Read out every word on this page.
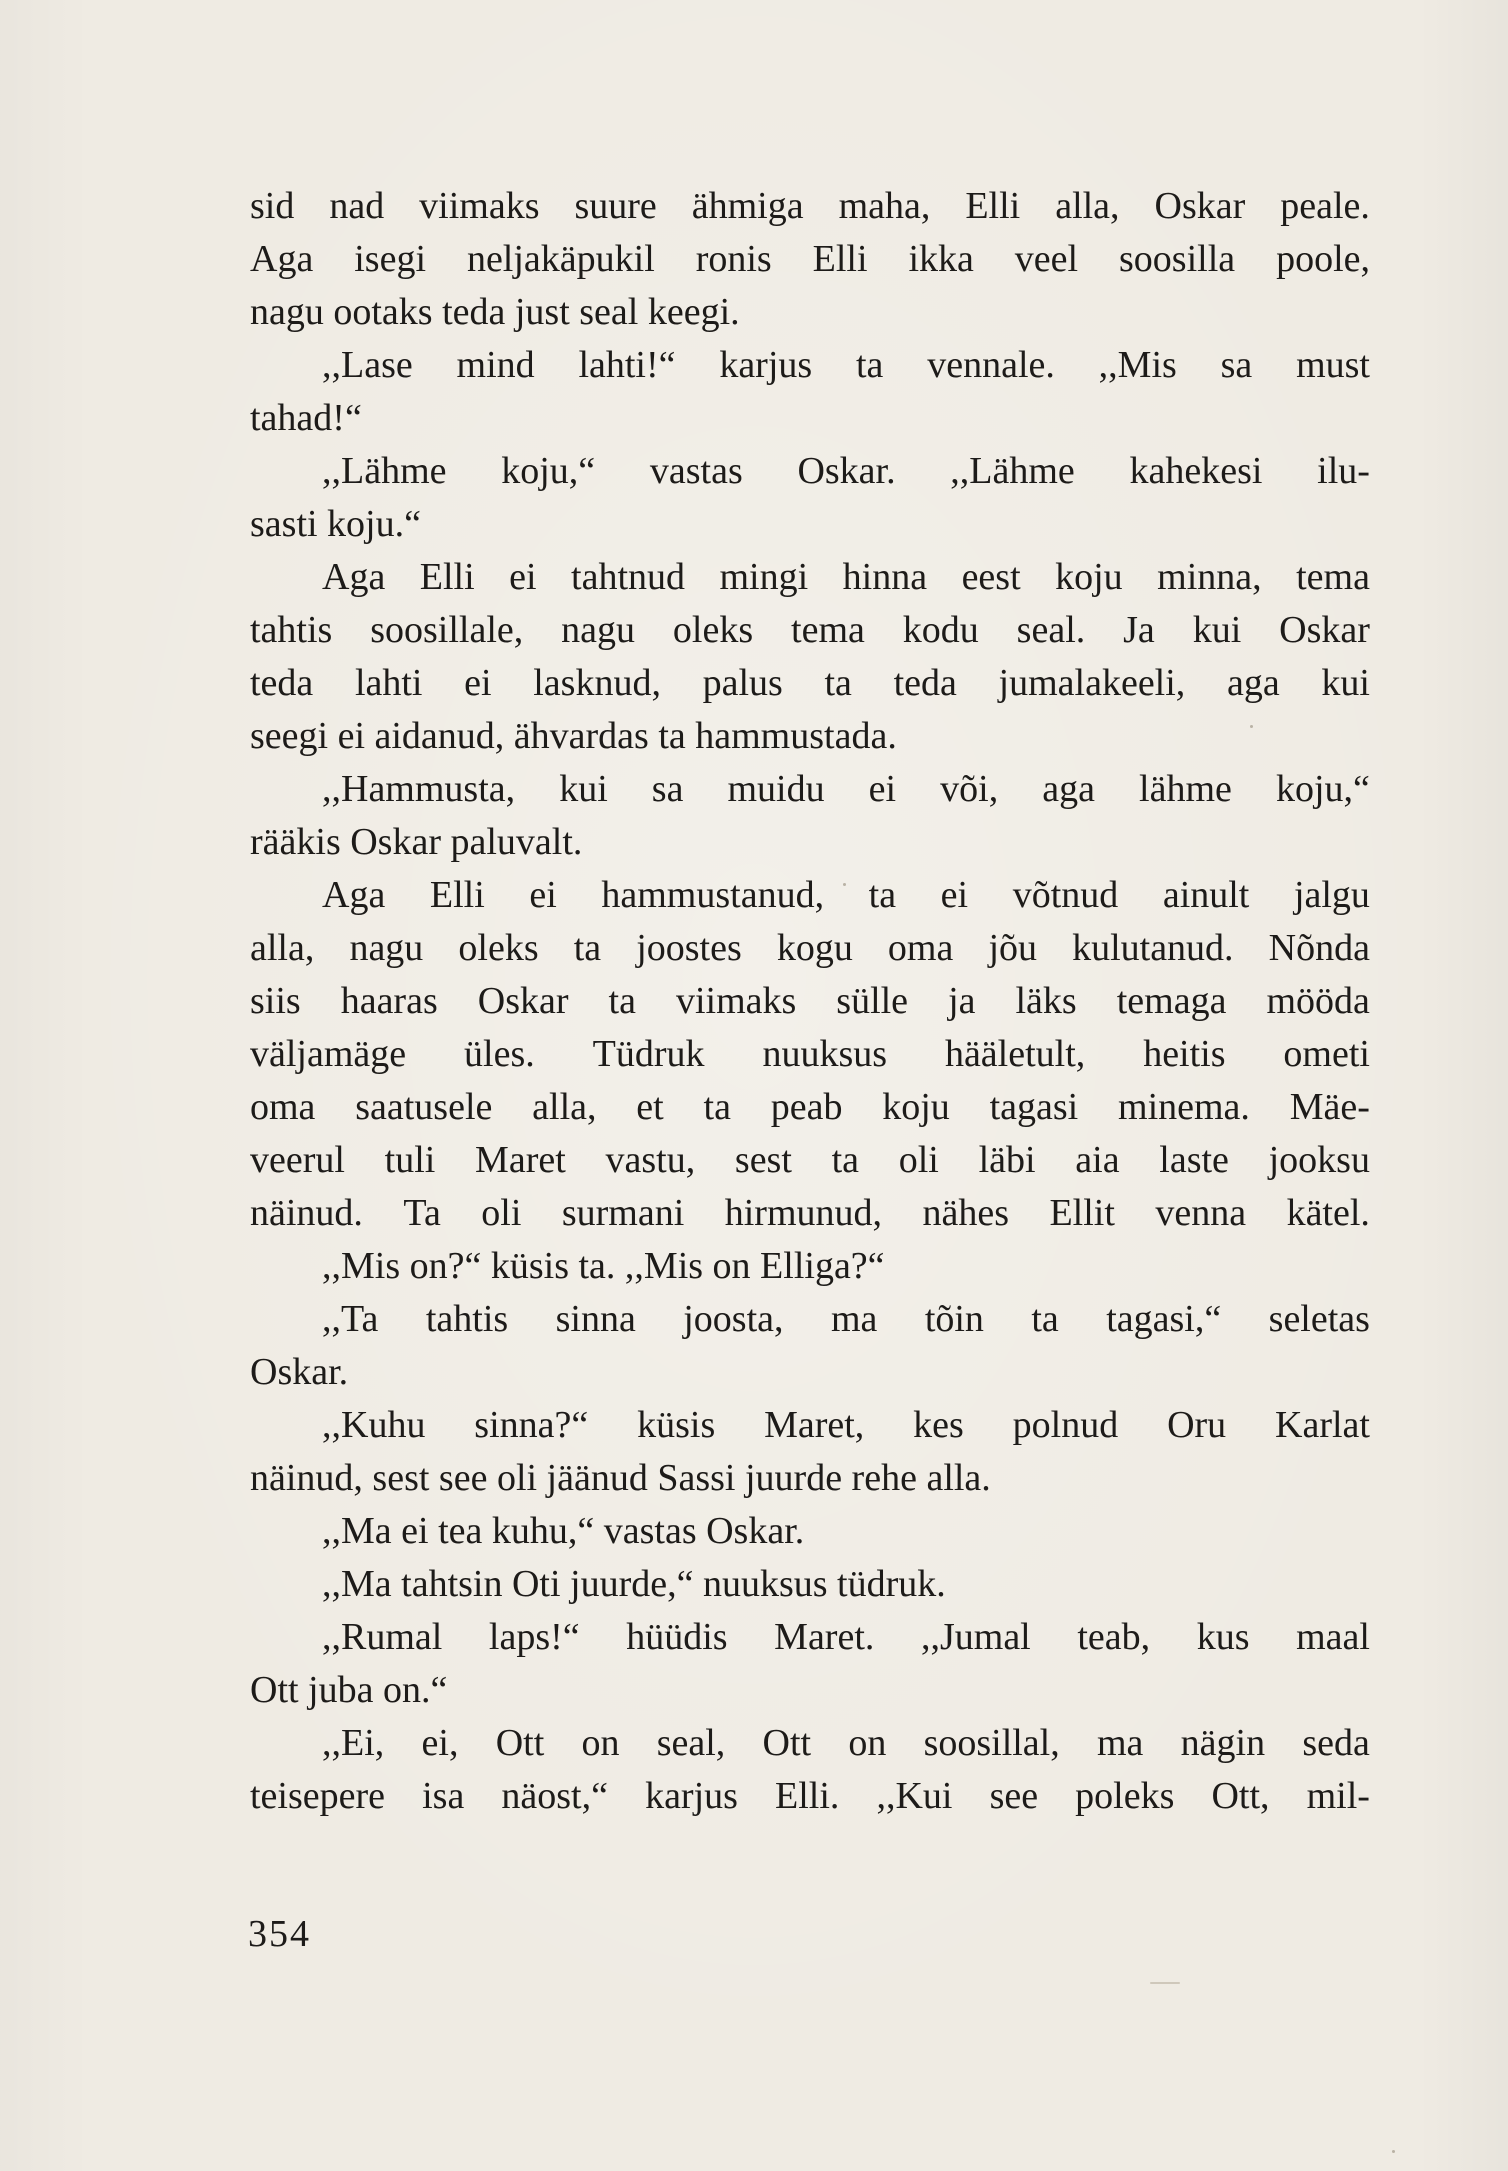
sid nad viimaks suure ähmiga maha, Elli alla, Oskar peale.
Aga isegi neljakäpukil ronis Elli ikka veel soosilla poole,
nagu ootaks teda just seal keegi.
,,Lase mind lahti!“ karjus ta vennale. ,,Mis sa must
tahad!“
,,Lähme koju,“ vastas Oskar. ,,Lähme kahekesi ilu-
sasti koju.“
Aga Elli ei tahtnud mingi hinna eest koju minna, tema
tahtis soosillale, nagu oleks tema kodu seal. Ja kui Oskar
teda lahti ei lasknud, palus ta teda jumalakeeli, aga kui
seegi ei aidanud, ähvardas ta hammustada.
,,Hammusta, kui sa muidu ei või, aga lähme koju,“
rääkis Oskar paluvalt.
Aga Elli ei hammustanud, ta ei võtnud ainult jalgu
alla, nagu oleks ta joostes kogu oma jõu kulutanud. Nõnda
siis haaras Oskar ta viimaks sülle ja läks temaga mööda
väljamäge üles. Tüdruk nuuksus hääletult, heitis ometi
oma saatusele alla, et ta peab koju tagasi minema. Mäe-
veerul tuli Maret vastu, sest ta oli läbi aia laste jooksu
näinud. Ta oli surmani hirmunud, nähes Ellit venna kätel.
,,Mis on?“ küsis ta. ,,Mis on Elliga?“
,,Ta tahtis sinna joosta, ma tõin ta tagasi,“ seletas
Oskar.
,,Kuhu sinna?“ küsis Maret, kes polnud Oru Karlat
näinud, sest see oli jäänud Sassi juurde rehe alla.
,,Ma ei tea kuhu,“ vastas Oskar.
,,Ma tahtsin Oti juurde,“ nuuksus tüdruk.
,,Rumal laps!“ hüüdis Maret. ,,Jumal teab, kus maal
Ott juba on.“
,,Ei, ei, Ott on seal, Ott on soosillal, ma nägin seda
teisepere isa näost,“ karjus Elli. ,,Kui see poleks Ott, mil-
354
